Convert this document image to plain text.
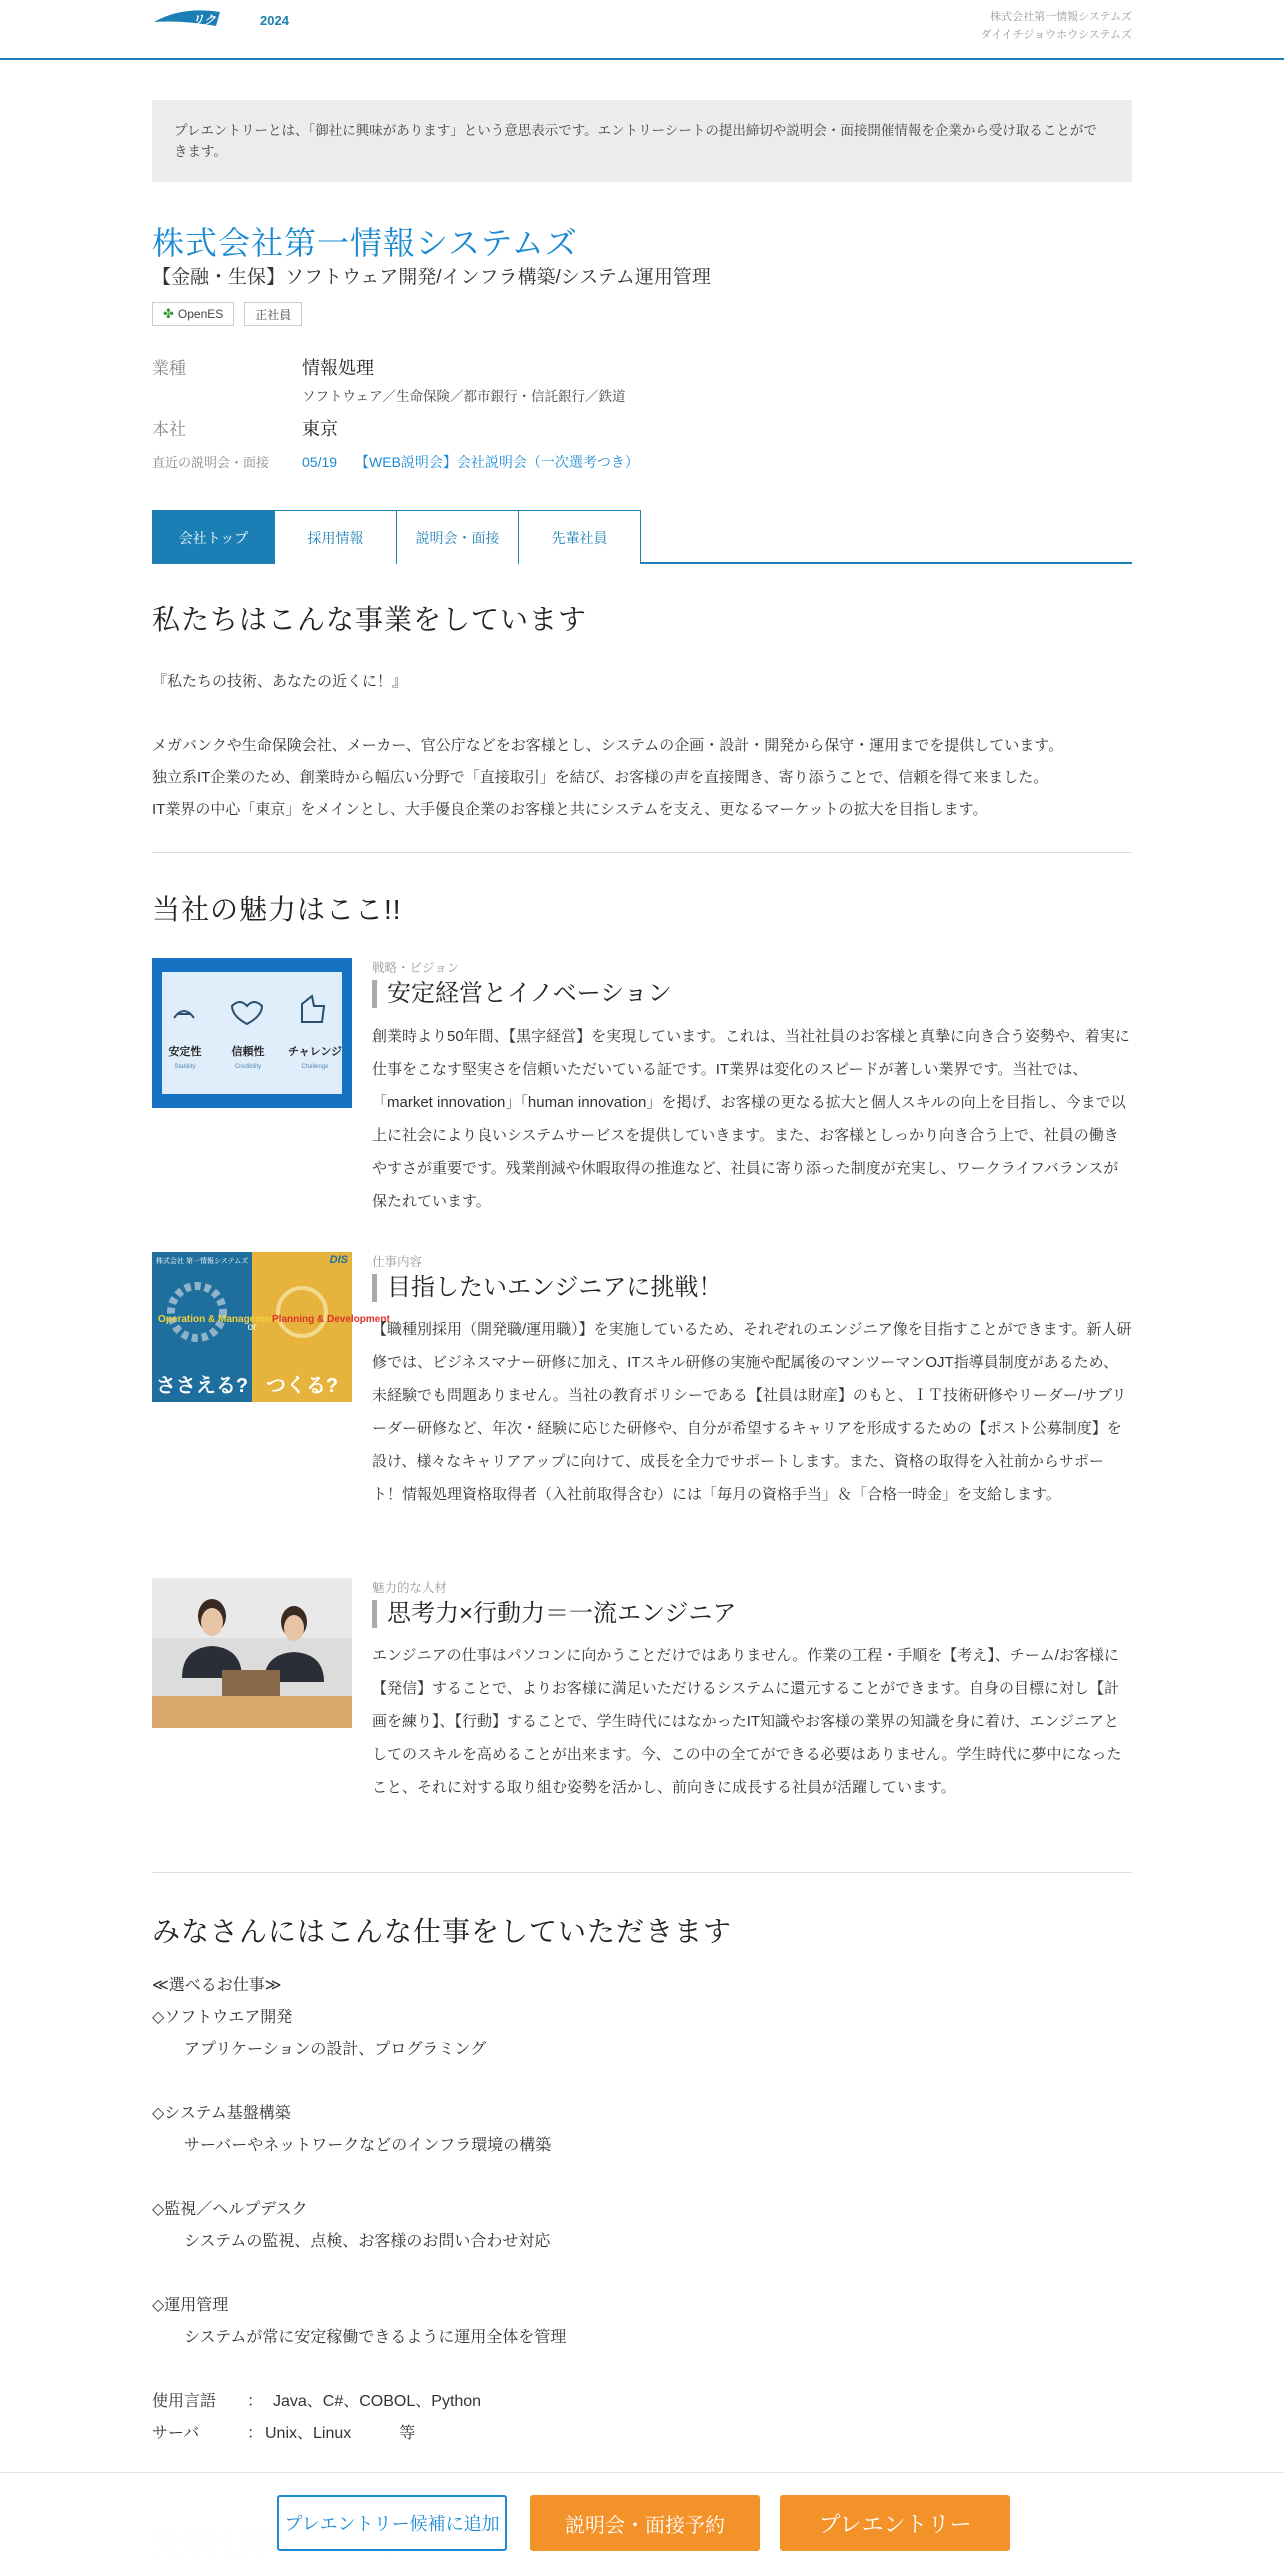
リクナビ 2024	株式会社第一情報システムズ
ダイイチジョウホウシステムズ
プレエントリーとは、「御社に興味があります」という意思表示です。エントリーシートの提出締切や説明会・面接開催情報を企業から受け取ることができます。
株式会社第一情報システムズ
【金融・生保】ソフトウェア開発/インフラ構築/システム運用管理
✤ OpenES	正社員
業種	情報処理
ソフトウェア／生命保険／都市銀行・信託銀行／鉄道
本社	東京
直近の説明会・面接	05/19 【WEB説明会】会社説明会（一次選考つき）
会社トップ	採用情報	説明会・面接	先輩社員
私たちはこんな事業をしています
『私たちの技術、あなたの近くに！』
メガバンクや生命保険会社、メーカー、官公庁などをお客様とし、システムの企画・設計・開発から保守・運用までを提供しています。
独立系IT企業のため、創業時から幅広い分野で「直接取引」を結び、お客様の声を直接聞き、寄り添うことで、信頼を得て来ました。
IT業界の中心「東京」をメインとし、大手優良企業のお客様と共にシステムを支え、更なるマーケットの拡大を目指します。
当社の魅力はここ!!
安定性	信頼性 チャレンジ
Stability	Credibility	Challenge
戦略・ビジョン
安定経営とイノベーション
創業時より50年間、【黒字経営】を実現しています。これは、当社社員のお客様と真摯に向き合う姿勢や、着実に仕事をこなす堅実さを信頼いただいている証です。IT業界は変化のスピードが著しい業界です。当社では、「market innovation」「human innovation」を掲げ、お客様の更なる拡大と個人スキルの向上を目指し、今まで以上に社会により良いシステムサービスを提供していきます。また、お客様としっかり向き合う上で、社員の働きやすさが重要です。残業削減や休暇取得の推進など、社員に寄り添った制度が充実し、ワークライフバランスが保たれています。
株式会社 第一情報システムズ	DIS
Operation & Management
Planning & Development
or
ささえる? つくる?
仕事内容
目指したいエンジニアに挑戦！
【職種別採用（開発職/運用職）】を実施しているため、それぞれのエンジニア像を目指すことができます。新人研修では、ビジネスマナー研修に加え、ITスキル研修の実施や配属後のマンツーマンOJT指導員制度があるため、未経験でも問題ありません。当社の教育ポリシーである【社員は財産】のもと、ＩＴ技術研修やリーダー/サブリーダー研修など、年次・経験に応じた研修や、自分が希望するキャリアを形成するための【ポスト公募制度】を設け、様々なキャリアアップに向けて、成長を全力でサポートします。また、資格の取得を入社前からサポート！情報処理資格取得者（入社前取得含む）には「毎月の資格手当」＆「合格一時金」を支給します。
魅力的な人材
思考力×行動力＝一流エンジニア
エンジニアの仕事はパソコンに向かうことだけではありません。作業の工程・手順を【考え】、チーム/お客様に【発信】することで、よりお客様に満足いただけるシステムに還元することができます。自身の目標に対し【計画を練り】、【行動】することで、学生時代にはなかったIT知識やお客様の業界の知識を身に着け、エンジニアとしてのスキルを高めることが出来ます。今、この中の全てができる必要はありません。学生時代に夢中になったこと、それに対する取り組む姿勢を活かし、前向きに成長する社員が活躍しています。
みなさんにはこんな仕事をしていただきます
≪選べるお仕事≫
◇ソフトウエア開発
アプリケーションの設計、プログラミング
◇システム基盤構築
サーバーやネットワークなどのインフラ環境の構築
◇監視／ヘルプデスク
システムの監視、点検、お客様のお問い合わせ対応
◇運用管理
システムが常に安定稼働できるように運用全体を管理
使用言語	： Java、C#、COBOL、Python
サーバ	： Unix、Linux　　　等
プレエントリー候補に追加	説明会・面接予約	プレエントリー
